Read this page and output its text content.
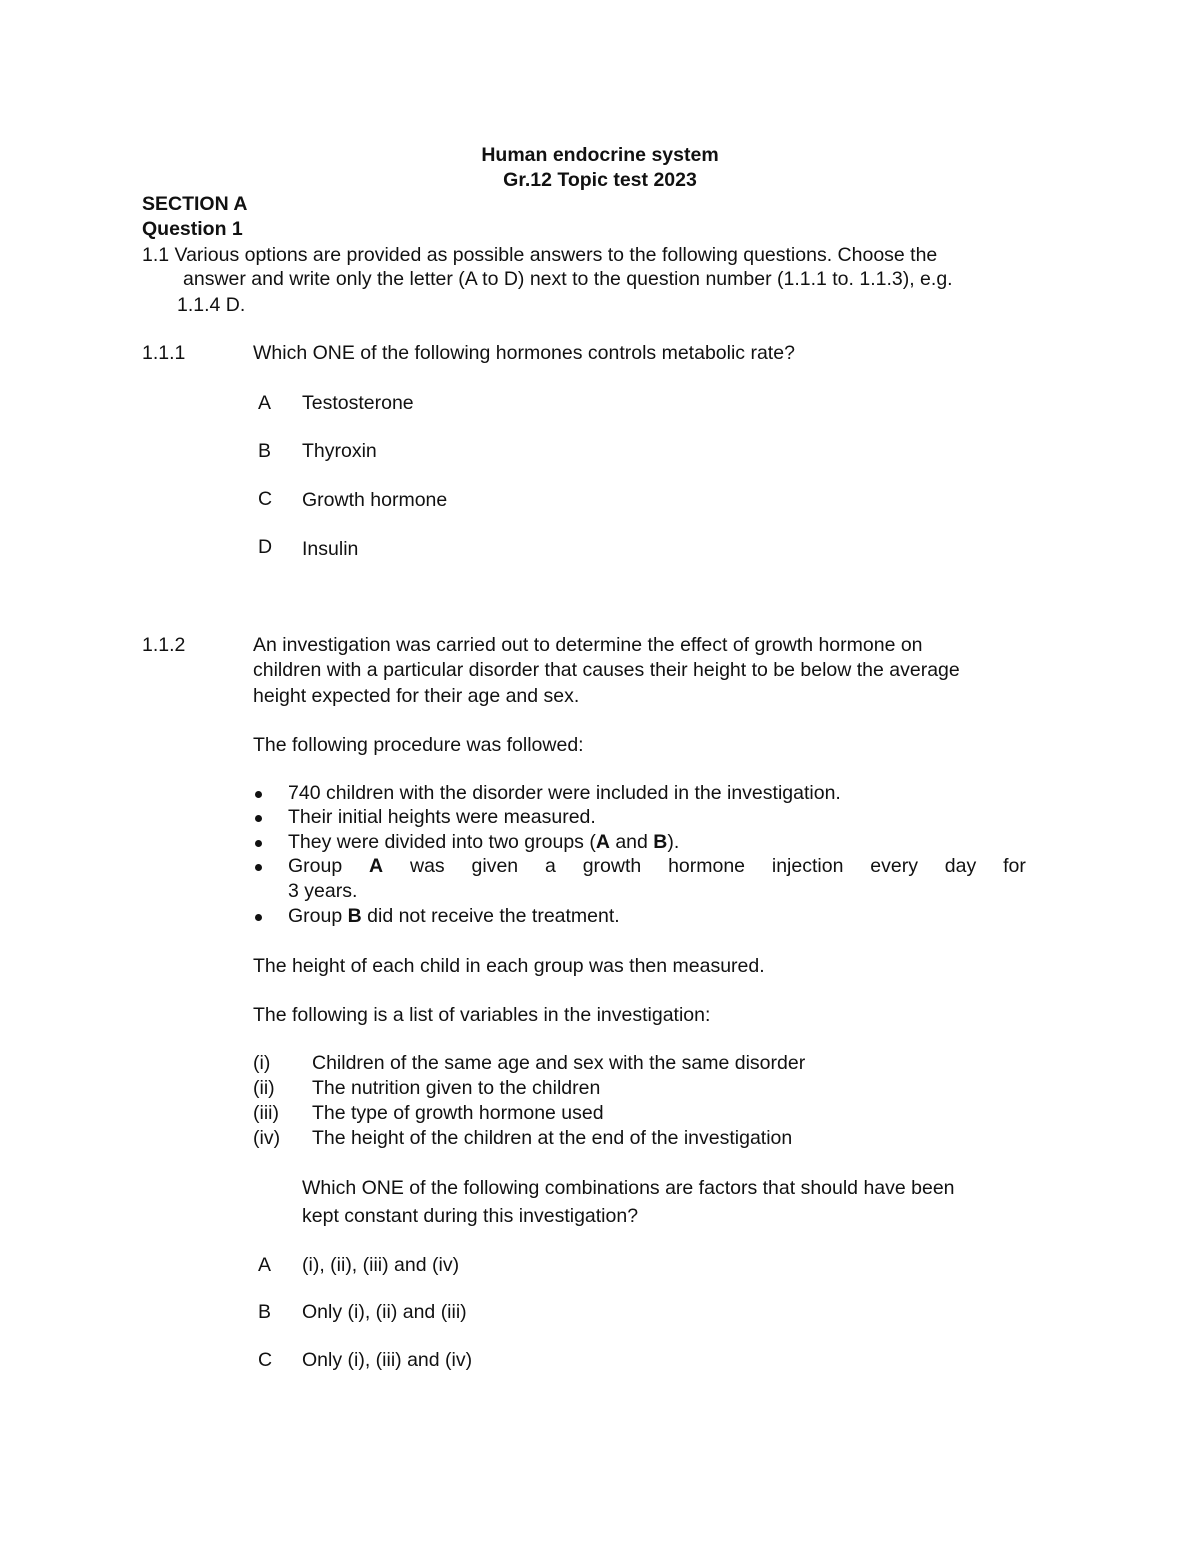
Human endocrine system
Gr.12 Topic test 2023
SECTION A
Question 1
1.1 Various options are provided as possible answers to the following questions. Choose the
answer and write only the letter (A to D) next to the question number (1.1.1 to. 1.1.3), e.g.
1.1.4 D.
1.1.1	Which ONE of the following hormones controls metabolic rate?
A Testosterone
B Thyroxin
C Growth hormone
D Insulin
1.1.2	An investigation was carried out to determine the effect of growth hormone on
children with a particular disorder that causes their height to be below the average
height expected for their age and sex.
The following procedure was followed:
740 children with the disorder were included in the investigation.
Their initial heights were measured.
They were divided into two groups (A and B).
Group A was given a growth hormone injection every day for
3 years.
Group B did not receive the treatment.
The height of each child in each group was then measured.
The following is a list of variables in the investigation:
(i) Children of the same age and sex with the same disorder
(ii) The nutrition given to the children
(iii) The type of growth hormone used
(iv) The height of the children at the end of the investigation
Which ONE of the following combinations are factors that should have been
kept constant during this investigation?
A (i), (ii), (iii) and (iv)
B Only (i), (ii) and (iii)
C Only (i), (iii) and (iv)
